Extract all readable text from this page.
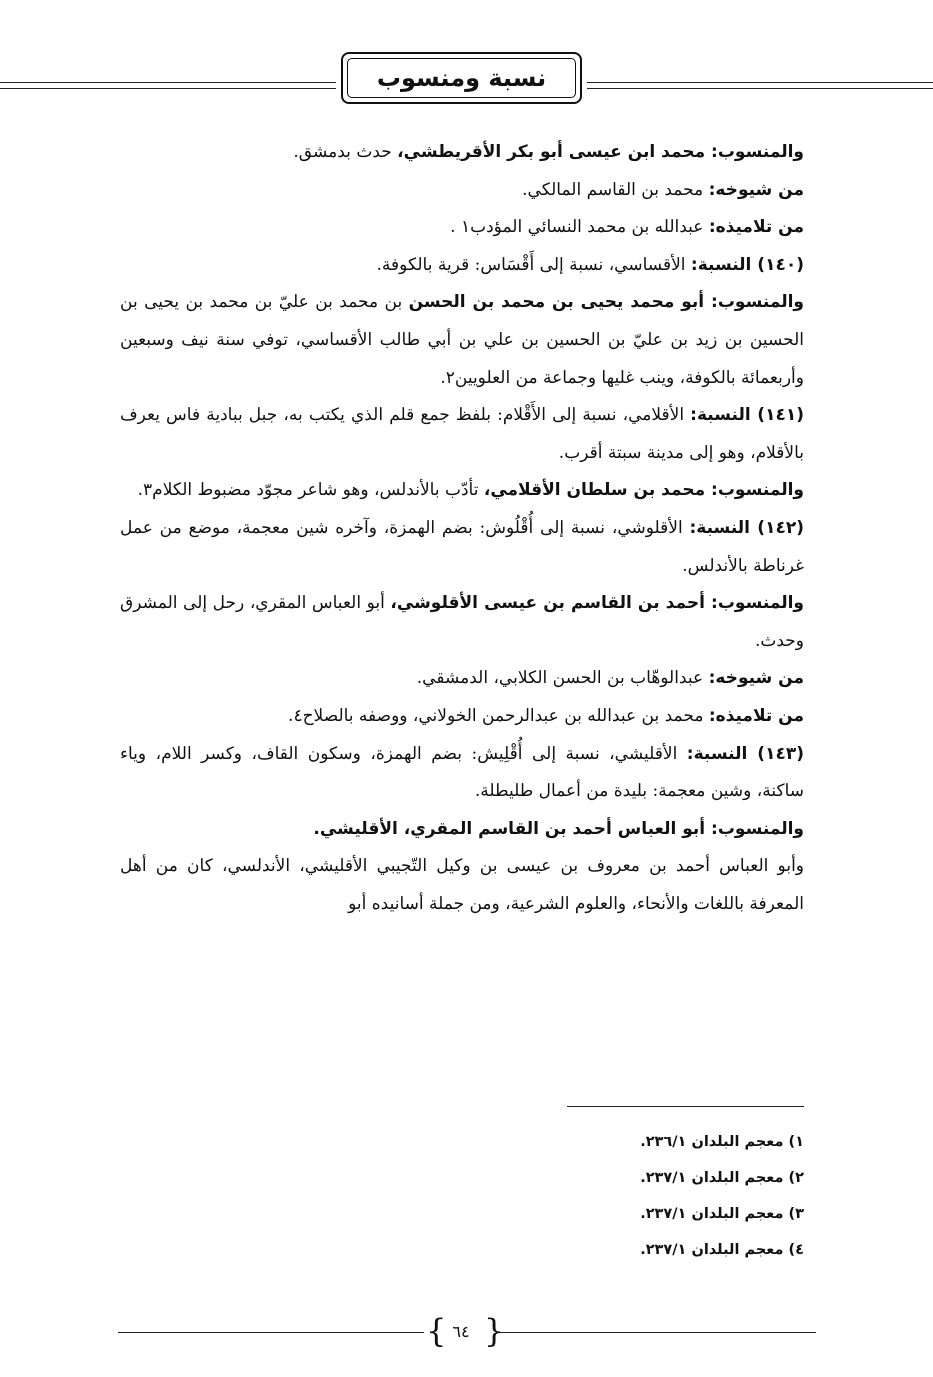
نسبة ومنسوب

والمنسوب: محمد ابن عيسى أبو بكر الأقريطشي، حدث بدمشق.

من شيوخه: محمد بن القاسم المالكي.

من تلاميذه: عبدالله بن محمد النسائي المؤدب١ .

(١٤٠) النسبة: الأقساسي، نسبة إلى أَقْسَاس: قرية بالكوفة.

والمنسوب: أبو محمد يحيى بن محمد بن الحسن بن محمد بن عليّ بن محمد بن يحيى بن الحسين بن زيد بن عليّ بن الحسين بن علي بن أبي طالب الأقساسي، توفي سنة نيف وسبعين وأربعمائة بالكوفة، وينب غليها وجماعة من العلويين٢.

(١٤١) النسبة: الأقلامي، نسبة إلى الأَقْلام: بلفظ جمع قلم الذي يكتب به، جبل ببادية فاس يعرف بالأقلام، وهو إلى مدينة سبتة أقرب.

والمنسوب: محمد بن سلطان الأقلامي، تأدّب بالأندلس، وهو شاعر مجوّد مضبوط الكلام٣.

(١٤٢) النسبة: الأقلوشي، نسبة إلى أُقْلُوش: بضم الهمزة، وآخره شين معجمة، موضع من عمل غرناطة بالأندلس.

والمنسوب: أحمد بن القاسم بن عيسى الأقلوشي، أبو العباس المقري، رحل إلى المشرق وحدث.

من شيوخه: عبدالوهّاب بن الحسن الكلابي، الدمشقي.

من تلاميذه: محمد بن عبدالله بن عبدالرحمن الخولاني، ووصفه بالصلاح٤.

(١٤٣) النسبة: الأقليشي، نسبة إلى أُقْلِيش: بضم الهمزة، وسكون القاف، وكسر اللام، وياء ساكنة، وشين معجمة: بليدة من أعمال طليطلة.

والمنسوب: أبو العباس أحمد بن القاسم المقري، الأقليشي.

وأبو العباس أحمد بن معروف بن عيسى بن وكيل التّجيبي الأقليشي، الأندلسي، كان من أهل المعرفة باللغات والأنحاء، والعلوم الشرعية، ومن جملة أسانيده أبو

١) معجم البلدان ٢٣٦/١.
٢) معجم البلدان ٢٣٧/١.
٣) معجم البلدان ٢٣٧/١.
٤) معجم البلدان ٢٣٧/١.
{ ٦٤ }
